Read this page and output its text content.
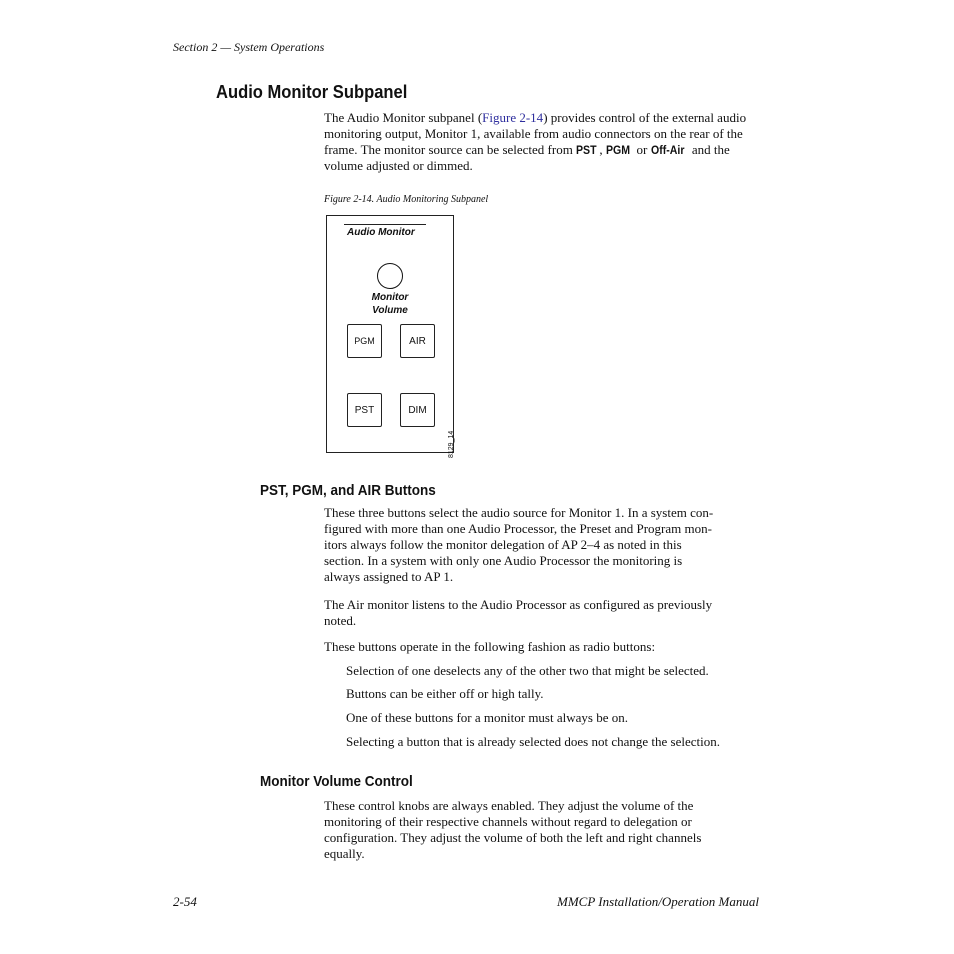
Section 2 — System Operations
Audio Monitor Subpanel

The Audio Monitor subpanel (Figure 2-14) provides control of the external audio monitoring output, Monitor 1, available from audio connectors on the rear of the frame. The monitor source can be selected from PST , PGM or Off-Air and the volume adjusted or dimmed.

Figure 2-14. Audio Monitoring Subpanel
Audio Monitor
Monitor
Volume
PGM	AIR
PST	DIM
8129_14
PST, PGM, and AIR Buttons

These three buttons select the audio source for Monitor 1. In a system con-

figured with more than one Audio Processor, the Preset and Program mon-

itors always follow the monitor delegation of AP 2–4 as noted in this

section. In a system with only one Audio Processor the monitoring is

always assigned to AP 1.

The Air monitor listens to the Audio Processor as configured as previously

noted.

These buttons operate in the following fashion as radio buttons:
Selection of one deselects any of the other two that might be selected.
Buttons can be either off or high tally.
One of these buttons for a monitor must always be on.
Selecting a button that is already selected does not change the selection.
Monitor Volume Control

These control knobs are always enabled. They adjust the volume of the

monitoring of their respective channels without regard to delegation or

configuration. They adjust the volume of both the left and right channels

equally.

2-54	MMCP Installation/Operation Manual
